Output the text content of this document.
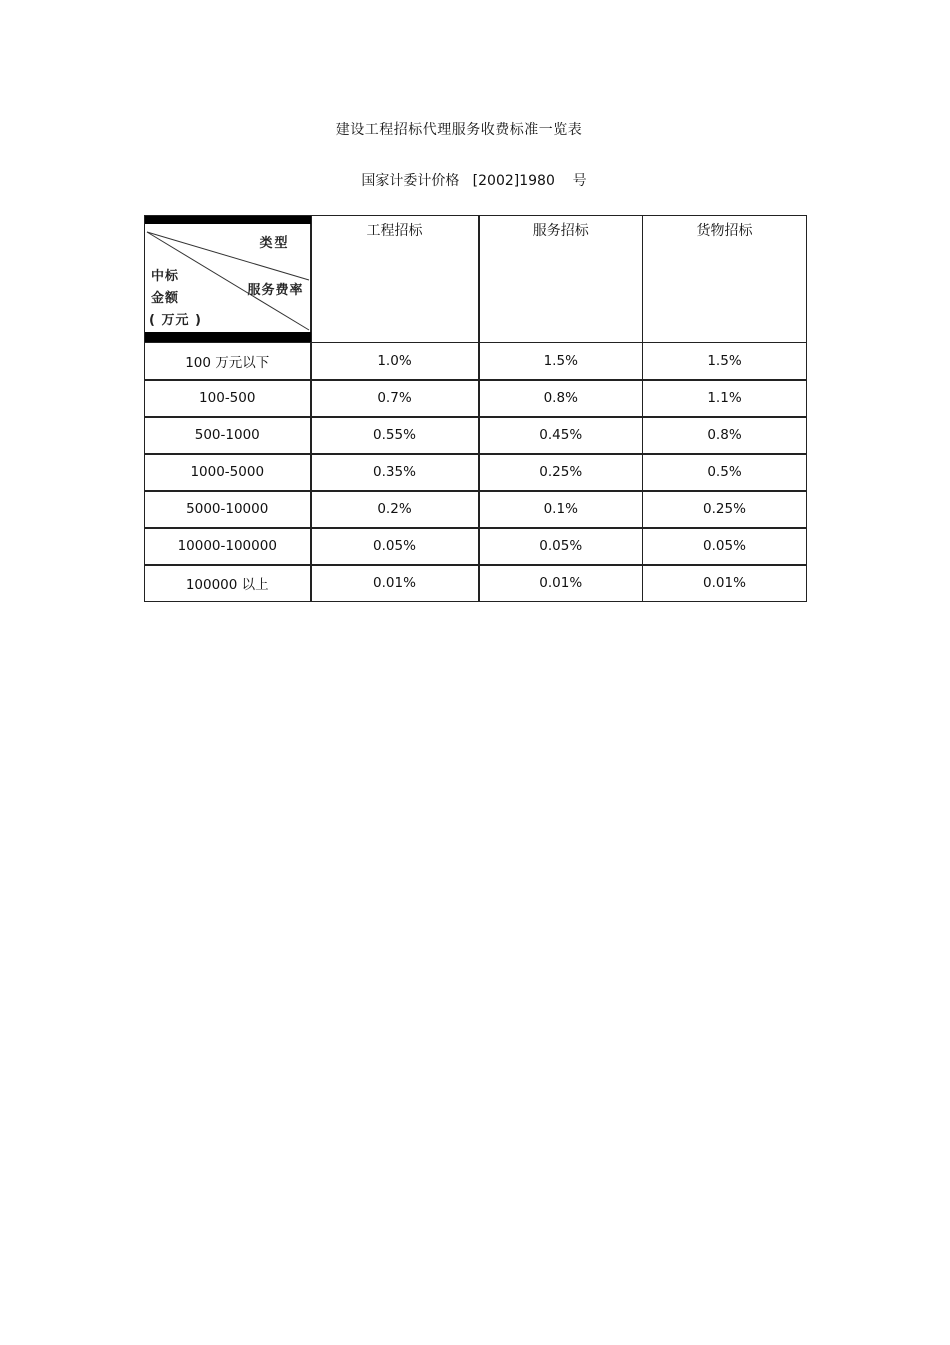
建设工程招标代理服务收费标准一览表
国家计委计价格   [2002]1980    号
类型
服务费率
中标
金额
( 万元 )	工程招标	服务招标	货物招标
100 万元以下	1.0%	1.5%	1.5%
100-500	0.7%	0.8%	1.1%
500-1000	0.55%	0.45%	0.8%
1000-5000	0.35%	0.25%	0.5%
5000-10000	0.2%	0.1%	0.25%
10000-100000	0.05%	0.05%	0.05%
100000 以上	0.01%	0.01%	0.01%
